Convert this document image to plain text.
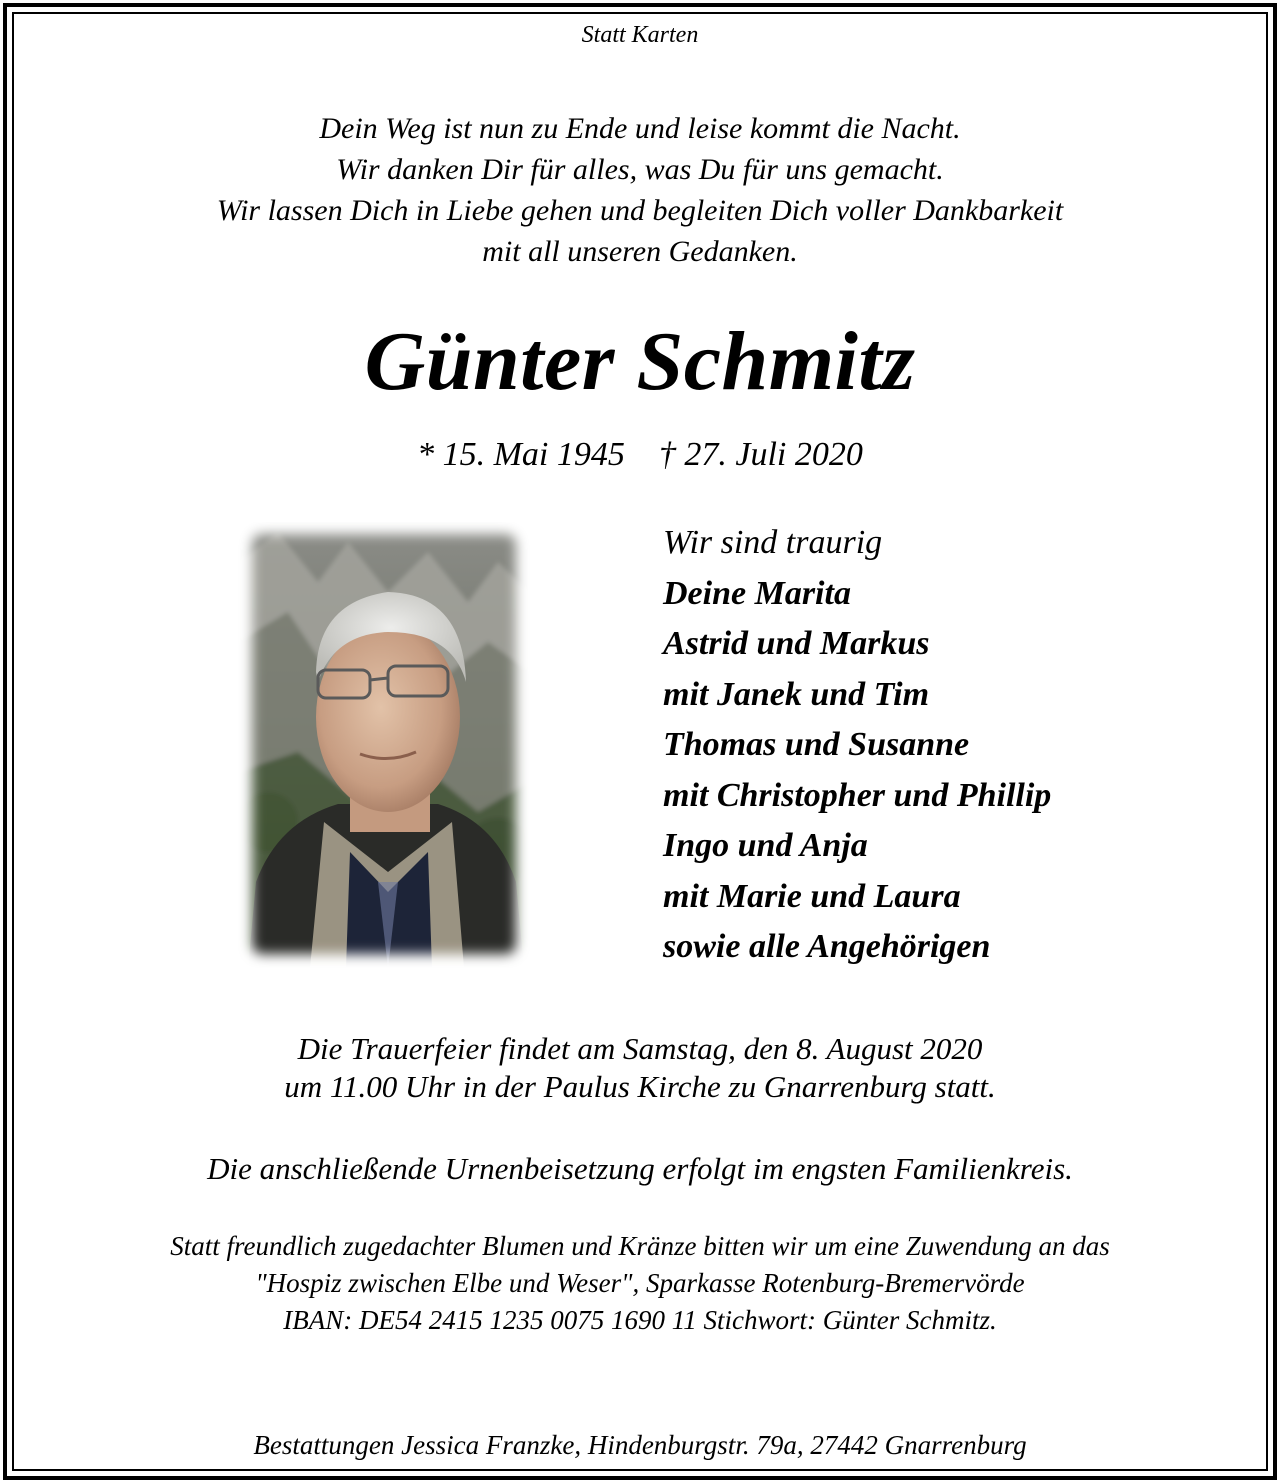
Statt Karten
Dein Weg ist nun zu Ende und leise kommt die Nacht.
Wir danken Dir für alles, was Du für uns gemacht.
Wir lassen Dich in Liebe gehen und begleiten Dich voller Dankbarkeit
mit all unseren Gedanken.
Günter Schmitz
* 15. Mai 1945 † 27. Juli 2020
Wir sind traurig
Deine Marita
Astrid und Markus
mit Janek und Tim
Thomas und Susanne
mit Christopher und Phillip
Ingo und Anja
mit Marie und Laura
sowie alle Angehörigen
Die Trauerfeier findet am Samstag, den 8. August 2020
um 11.00 Uhr in der Paulus Kirche zu Gnarrenburg statt.
Die anschließende Urnenbeisetzung erfolgt im engsten Familienkreis.
Statt freundlich zugedachter Blumen und Kränze bitten wir um eine Zuwendung an das
"Hospiz zwischen Elbe und Weser", Sparkasse Rotenburg-Bremervörde
IBAN: DE54 2415 1235 0075 1690 11 Stichwort: Günter Schmitz.
Bestattungen Jessica Franzke, Hindenburgstr. 79a, 27442 Gnarrenburg
